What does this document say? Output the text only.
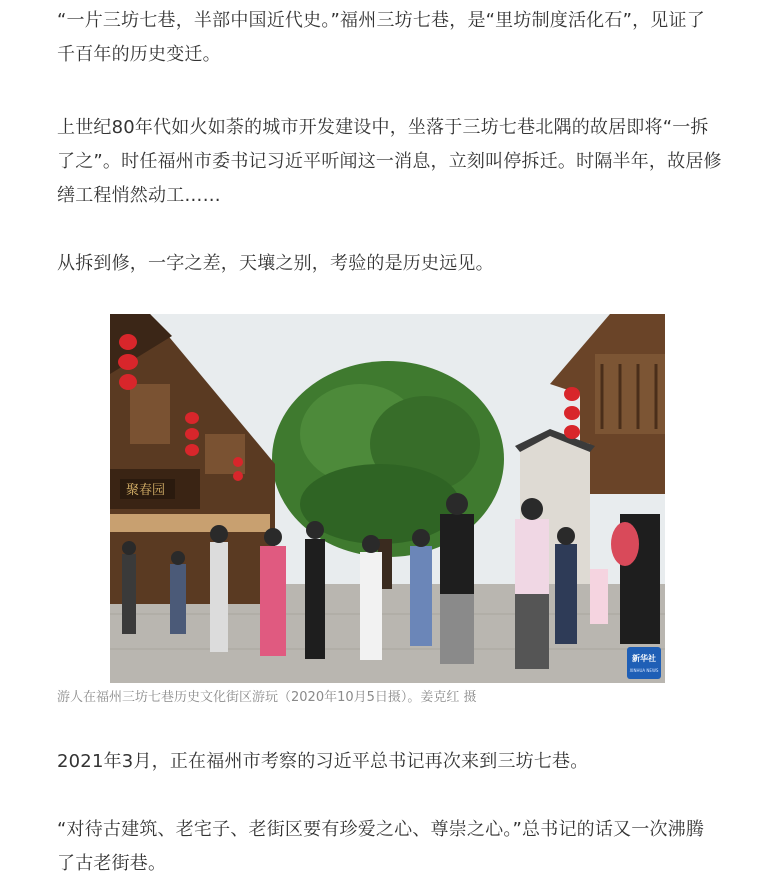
“一片三坊七巷，半部中国近代史。”福州三坊七巷，是“里坊制度活化石”，见证了千百年的历史变迁。

上世纪80年代如火如荼的城市开发建设中，坐落于三坊七巷北隅的故居即将“一拆了之”。时任福州市委书记习近平听闻这一消息，立刻叫停拆迁。时隔半年，故居修缮工程悄然动工……

从拆到修，一字之差，天壤之别，考验的是历史远见。

聚春园
新华社
XINHUA NEWS
游人在福州三坊七巷历史文化街区游玩（2020年10月5日摄）。姜克红 摄

2021年3月，正在福州市考察的习近平总书记再次来到三坊七巷。

“对待古建筑、老宅子、老街区要有珍爱之心、尊崇之心。”总书记的话又一次沸腾了古老街巷。
